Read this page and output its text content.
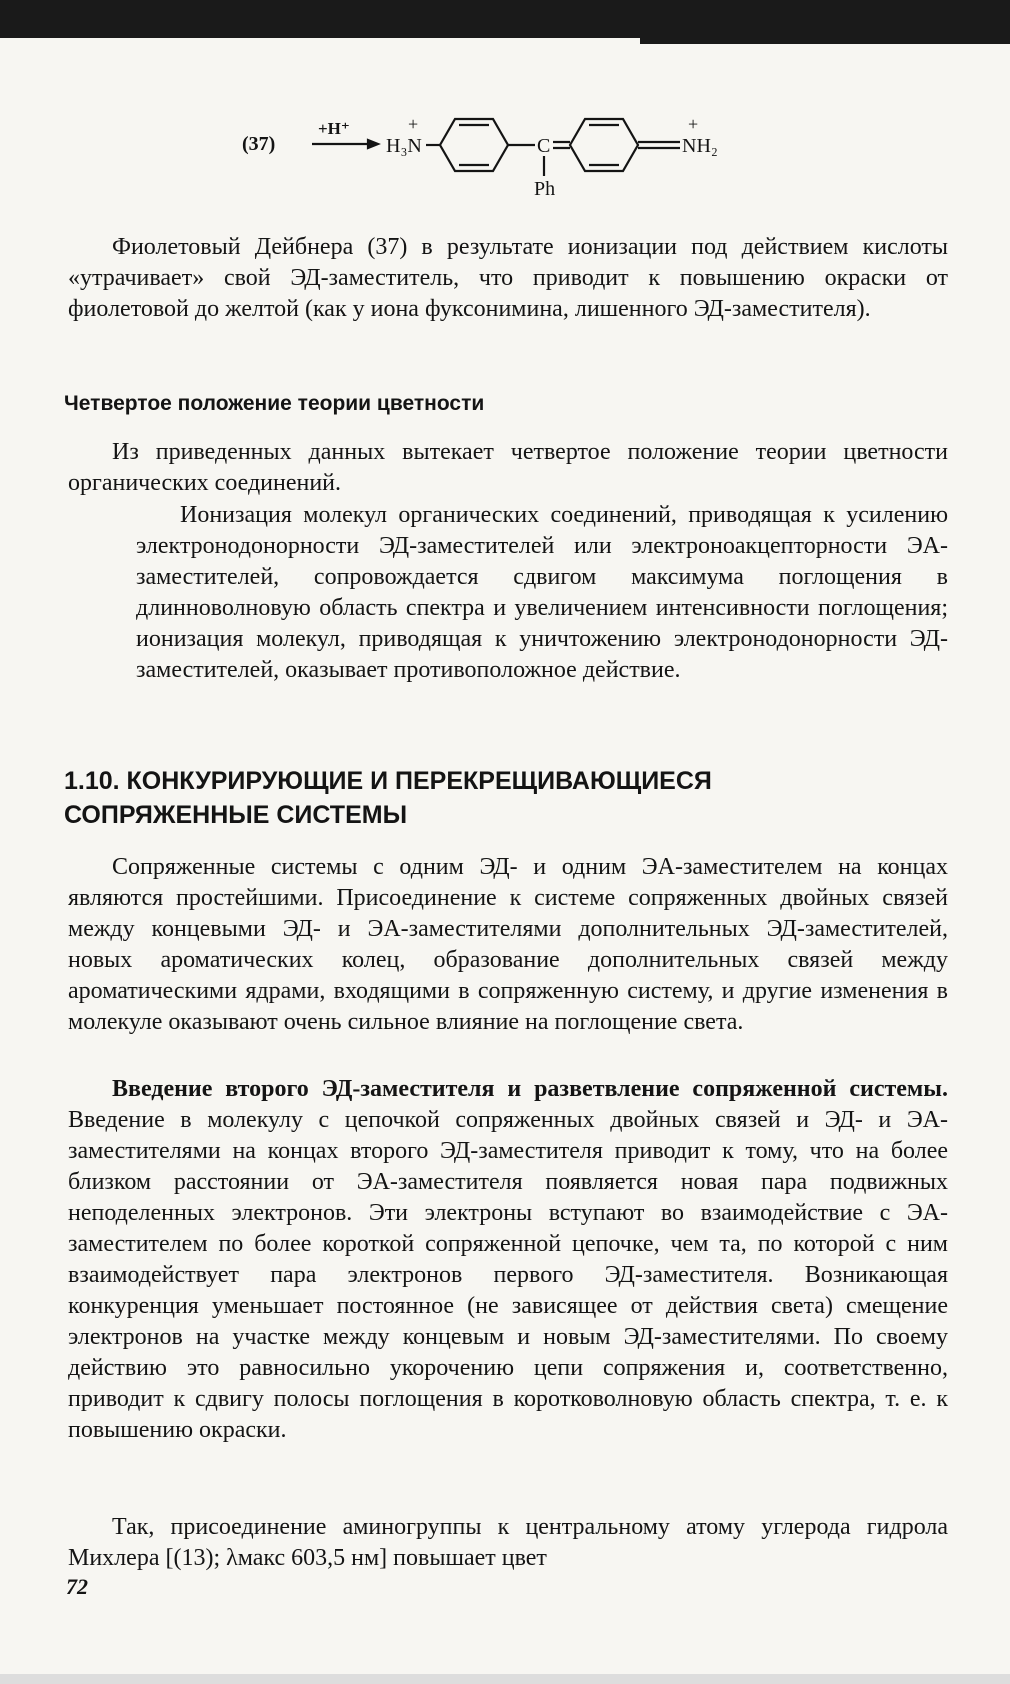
(37)
+H⁺
H₃N
+
C
Ph
NH₂
+

Фиолетовый Дейбнера (37) в результате ионизации под действием кислоты «утрачивает» свой ЭД-заместитель, что приводит к повышению окраски от фиолетовой до желтой (как у иона фуксонимина, лишенного ЭД-заместителя).

Четвертое положение теории цветности

Из приведенных данных вытекает четвертое положение теории цветности органических соединений.

Ионизация молекул органических соединений, приводящая к усилению электронодонорности ЭД-заместителей или электроноакцепторности ЭА-заместителей, сопровождается сдвигом максимума поглощения в длинноволновую область спектра и увеличением интенсивности поглощения; ионизация молекул, приводящая к уничтожению электронодонорности ЭД-заместителей, оказывает противоположное действие.

1.10. КОНКУРИРУЮЩИЕ И ПЕРЕКРЕЩИВАЮЩИЕСЯ СОПРЯЖЕННЫЕ СИСТЕМЫ

Сопряженные системы с одним ЭД- и одним ЭА-заместителем на концах являются простейшими. Присоединение к системе сопряженных двойных связей между концевыми ЭД- и ЭА-заместителями дополнительных ЭД-заместителей, новых ароматических колец, образование дополнительных связей между ароматическими ядрами, входящими в сопряженную систему, и другие изменения в молекуле оказывают очень сильное влияние на поглощение света.

Введение второго ЭД-заместителя и разветвление сопряженной системы. Введение в молекулу с цепочкой сопряженных двойных связей и ЭД- и ЭА-заместителями на концах второго ЭД-заместителя приводит к тому, что на более близком расстоянии от ЭА-заместителя появляется новая пара подвижных неподеленных электронов. Эти электроны вступают во взаимодействие с ЭА-заместителем по более короткой сопряженной цепочке, чем та, по которой с ним взаимодействует пара электронов первого ЭД-заместителя. Возникающая конкуренция уменьшает постоянное (не зависящее от действия света) смещение электронов на участке между концевым и новым ЭД-заместителями. По своему действию это равносильно укорочению цепи сопряжения и, соответственно, приводит к сдвигу полосы поглощения в коротковолновую область спектра, т. е. к повышению окраски.

Так, присоединение аминогруппы к центральному атому углерода гидрола Михлера [(13); λмакс 603,5 нм] повышает цвет

72
